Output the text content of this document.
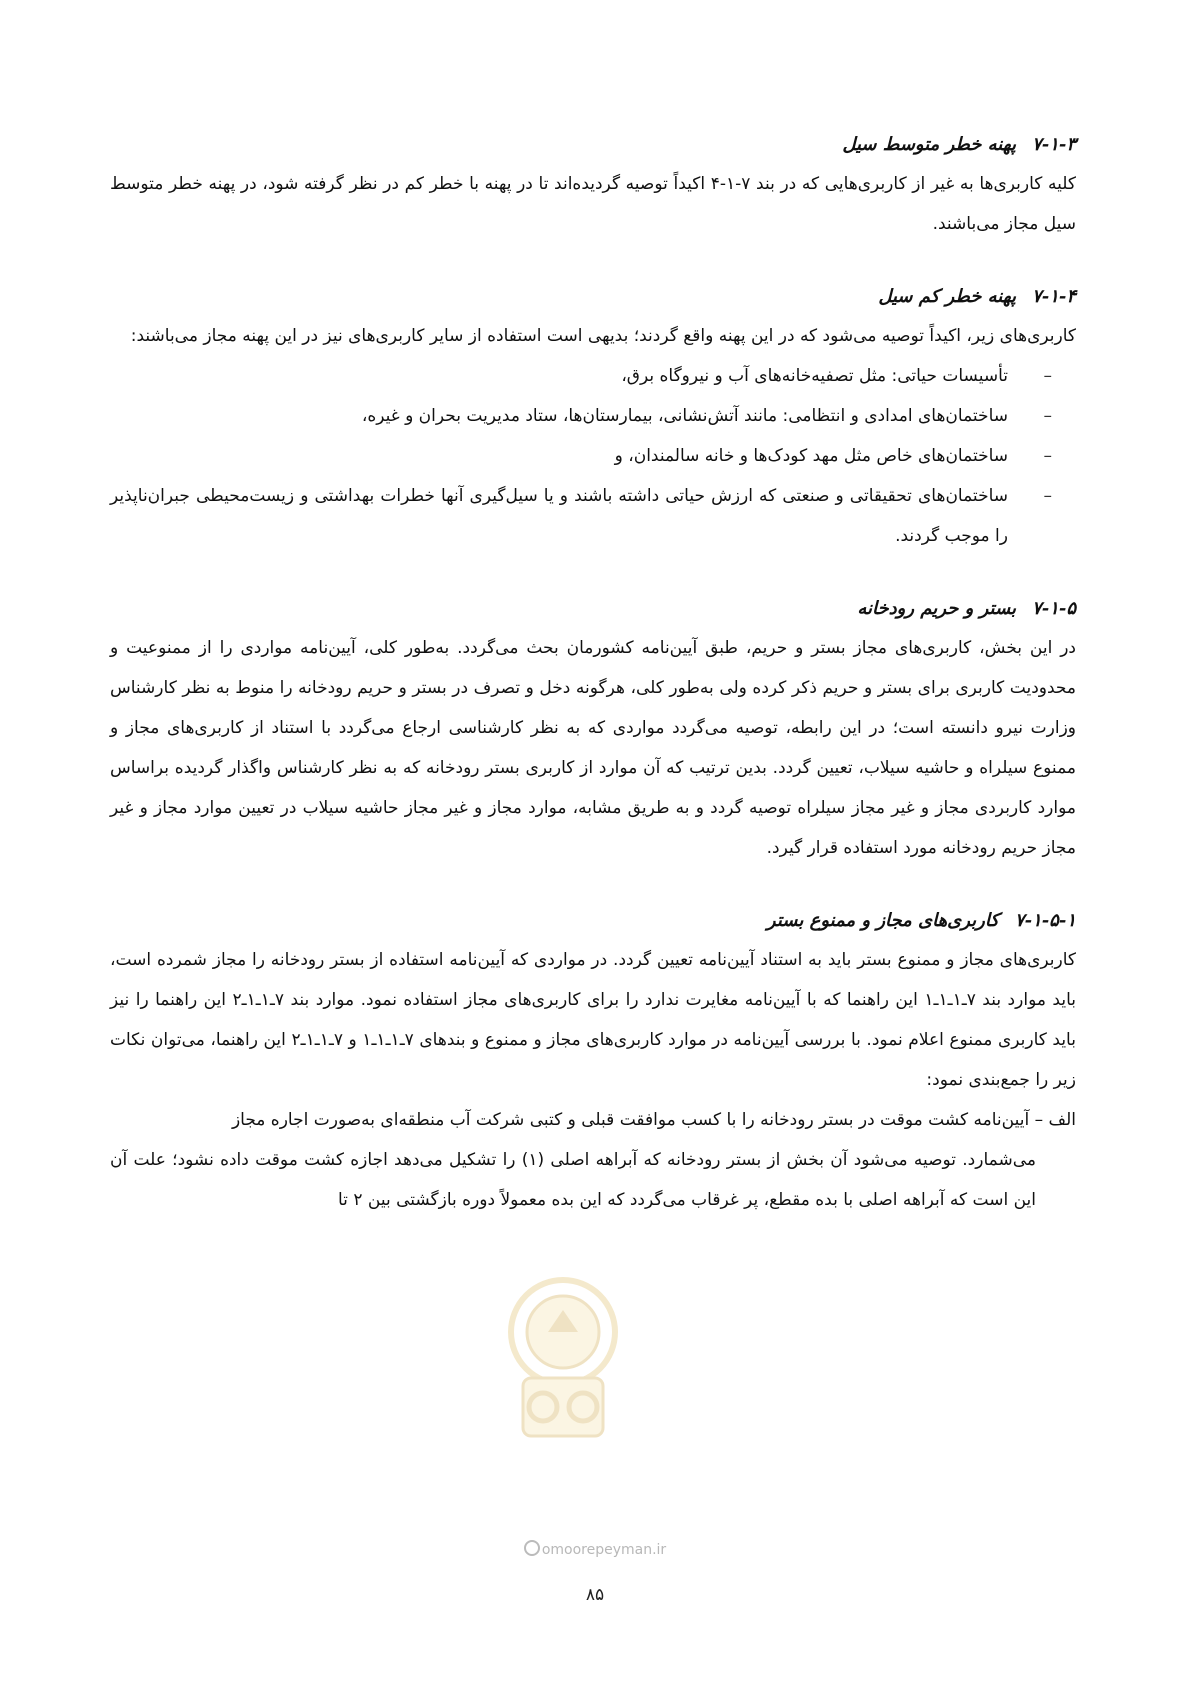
۷-۱-۳پهنه خطر متوسط سیل

کلیه کاربری‌ها به غیر از کاربری‌هایی که در بند ۷-۱-۴ اکیداً توصیه گردیده‌اند تا در پهنه با خطر کم در نظر گرفته شود، در پهنه خطر متوسط سیل مجاز می‌باشند.

۷-۱-۴پهنه خطر کم سیل

کاربری‌های زیر، اکیداً توصیه می‌شود که در این پهنه واقع گردند؛ بدیهی است استفاده از سایر کاربری‌های نیز در این پهنه مجاز می‌باشند:

– تأسیسات حیاتی: مثل تصفیه‌خانه‌های آب و نیروگاه برق،
– ساختمان‌های امدادی و انتظامی: مانند آتش‌نشانی، بیمارستان‌ها، ستاد مدیریت بحران و غیره،
– ساختمان‌های خاص مثل مهد کودک‌ها و خانه سالمندان، و
– ساختمان‌های تحقیقاتی و صنعتی که ارزش حیاتی داشته باشند و یا سیل‌گیری آنها خطرات بهداشتی و زیست‌محیطی جبران‌ناپذیر را موجب گردند.
۷-۱-۵بستر و حریم رودخانه

در این بخش، کاربری‌های مجاز بستر و حریم، طبق آیین‌نامه کشورمان بحث می‌گردد. به‌طور کلی، آیین‌نامه مواردی را از ممنوعیت و محدودیت کاربری برای بستر و حریم ذکر کرده ولی به‌طور کلی، هرگونه دخل و تصرف در بستر و حریم رودخانه را منوط به نظر کارشناس وزارت نیرو دانسته است؛ در این رابطه، توصیه می‌گردد مواردی که به نظر کارشناسی ارجاع می‌گردد با استناد از کاربری‌های مجاز و ممنوع سیلراه و حاشیه سیلاب، تعیین گردد. بدین ترتیب که آن موارد از کاربری بستر رودخانه که به نظر کارشناس واگذار گردیده براساس موارد کاربردی مجاز و غیر مجاز سیلراه توصیه گردد و به طریق مشابه، موارد مجاز و غیر مجاز حاشیه سیلاب در تعیین موارد مجاز و غیر مجاز حریم رودخانه مورد استفاده قرار گیرد.

۷-۱-۵-۱کاربری‌های مجاز و ممنوع بستر

کاربری‌های مجاز و ممنوع بستر باید به استناد آیین‌نامه تعیین گردد. در مواردی که آیین‌نامه استفاده از بستر رودخانه را مجاز شمرده است، باید موارد بند ۷ـ۱ـ۱ـ۱ این راهنما که با آیین‌نامه مغایرت ندارد را برای کاربری‌های مجاز استفاده نمود. موارد بند ۷ـ۱ـ۱ـ۲ این راهنما را نیز باید کاربری ممنوع اعلام نمود. با بررسی آیین‌نامه در موارد کاربری‌های مجاز و ممنوع و بندهای ۷ـ۱ـ۱ـ۱ و ۷ـ۱ـ۱ـ۲ این راهنما، می‌توان نکات زیر را جمع‌بندی نمود:

الف – آیین‌نامه کشت موقت در بستر رودخانه را با کسب موافقت قبلی و کتبی شرکت آب منطقه‌ای به‌صورت اجاره مجاز

می‌شمارد. توصیه می‌شود آن بخش از بستر رودخانه که آبراهه اصلی (۱) را تشکیل می‌دهد اجازه کشت موقت داده نشود؛ علت آن این است که آبراهه اصلی با بده مقطع، پر غرقاب می‌گردد که این بده معمولاً دوره بازگشتی بین ۲ تا

omoorepeyman.ir
۸۵
